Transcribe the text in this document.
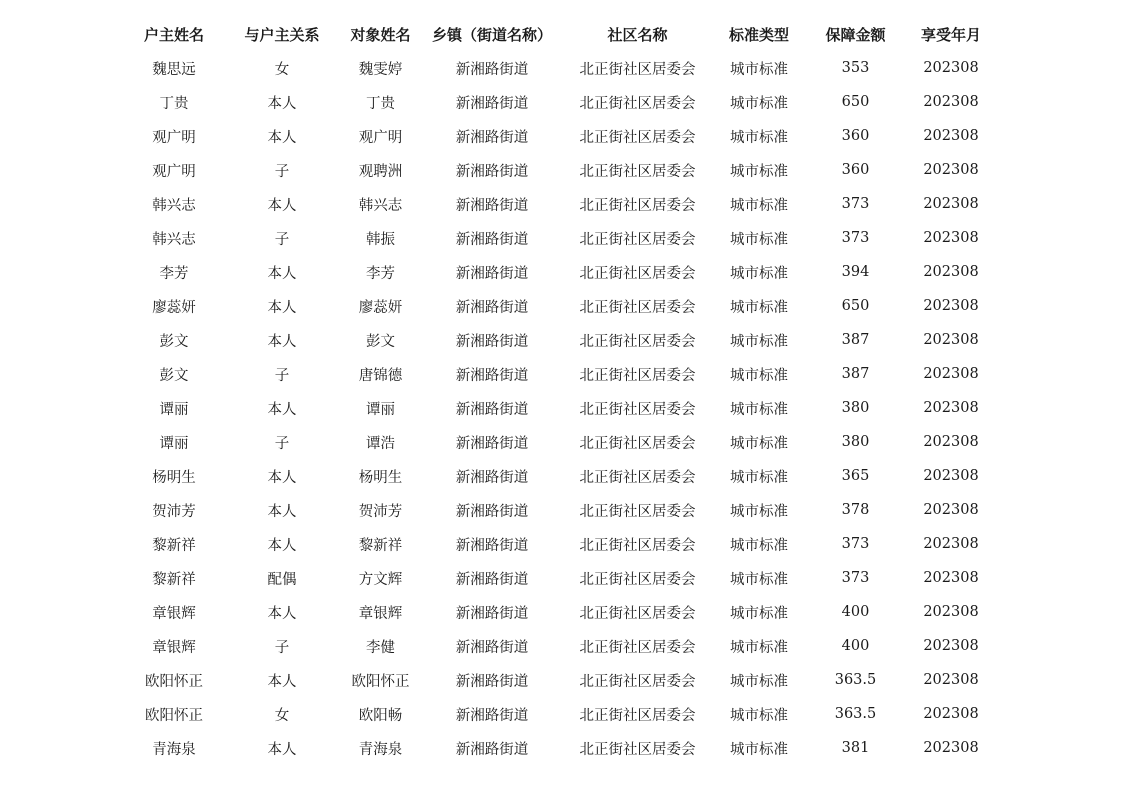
户主姓名	与户主关系	对象姓名	乡镇（街道名称）	社区名称	标准类型	保障金额	享受年月
魏思远	女	魏雯婷	新湘路街道	北正街社区居委会	城市标准	353	202308
丁贵	本人	丁贵	新湘路街道	北正街社区居委会	城市标准	650	202308
观广明	本人	观广明	新湘路街道	北正街社区居委会	城市标准	360	202308
观广明	子	观聘洲	新湘路街道	北正街社区居委会	城市标准	360	202308
韩兴志	本人	韩兴志	新湘路街道	北正街社区居委会	城市标准	373	202308
韩兴志	子	韩振	新湘路街道	北正街社区居委会	城市标准	373	202308
李芳	本人	李芳	新湘路街道	北正街社区居委会	城市标准	394	202308
廖蕊妍	本人	廖蕊妍	新湘路街道	北正街社区居委会	城市标准	650	202308
彭文	本人	彭文	新湘路街道	北正街社区居委会	城市标准	387	202308
彭文	子	唐锦德	新湘路街道	北正街社区居委会	城市标准	387	202308
谭丽	本人	谭丽	新湘路街道	北正街社区居委会	城市标准	380	202308
谭丽	子	谭浩	新湘路街道	北正街社区居委会	城市标准	380	202308
杨明生	本人	杨明生	新湘路街道	北正街社区居委会	城市标准	365	202308
贺沛芳	本人	贺沛芳	新湘路街道	北正街社区居委会	城市标准	378	202308
黎新祥	本人	黎新祥	新湘路街道	北正街社区居委会	城市标准	373	202308
黎新祥	配偶	方文辉	新湘路街道	北正街社区居委会	城市标准	373	202308
章银辉	本人	章银辉	新湘路街道	北正街社区居委会	城市标准	400	202308
章银辉	子	李健	新湘路街道	北正街社区居委会	城市标准	400	202308
欧阳怀正	本人	欧阳怀正	新湘路街道	北正街社区居委会	城市标准	363.5	202308
欧阳怀正	女	欧阳畅	新湘路街道	北正街社区居委会	城市标准	363.5	202308
青海泉	本人	青海泉	新湘路街道	北正街社区居委会	城市标准	381	202308
